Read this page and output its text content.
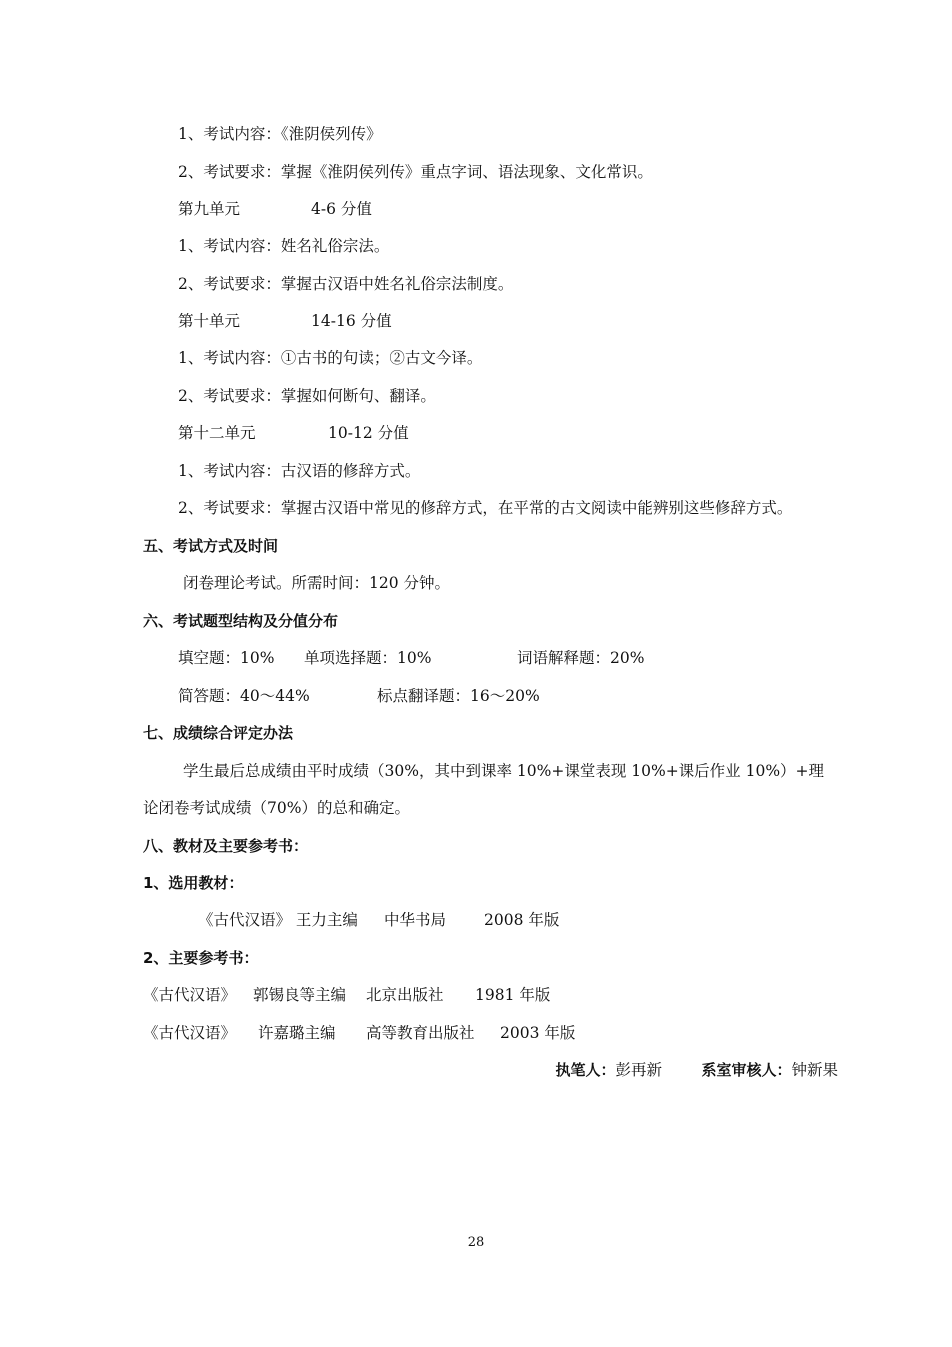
1、考试内容：《淮阴侯列传》
2、考试要求：掌握《淮阴侯列传》重点字词、语法现象、文化常识。
第九单元	4-6 分值
1、考试内容：姓名礼俗宗法。
2、考试要求：掌握古汉语中姓名礼俗宗法制度。
第十单元	14-16 分值
1、考试内容：①古书的句读；②古文今译。
2、考试要求：掌握如何断句、翻译。
第十二单元	10-12 分值
1、考试内容：古汉语的修辞方式。
2、考试要求：掌握古汉语中常见的修辞方式，在平常的古文阅读中能辨别这些修辞方式。
五、考试方式及时间
闭卷理论考试。所需时间：120 分钟。
六、考试题型结构及分值分布
填空题：10% 单项选择题：10%	词语解释题：20%
简答题：40～44%	标点翻译题：16～20%
七、成绩综合评定办法
学生最后总成绩由平时成绩（30%，其中到课率 10%+课堂表现 10%+课后作业 10%）+理
论闭卷考试成绩（70%）的总和确定。
八、教材及主要参考书：
1、选用教材：
《古代汉语》 王力主编 中华书局 2008 年版
2、主要参考书：
《古代汉语》 郭锡良等主编 北京出版社 1981 年版
《古代汉语》 许嘉璐主编 高等教育出版社 2003 年版
执笔人：彭再新	系室审核人：钟新果
28
